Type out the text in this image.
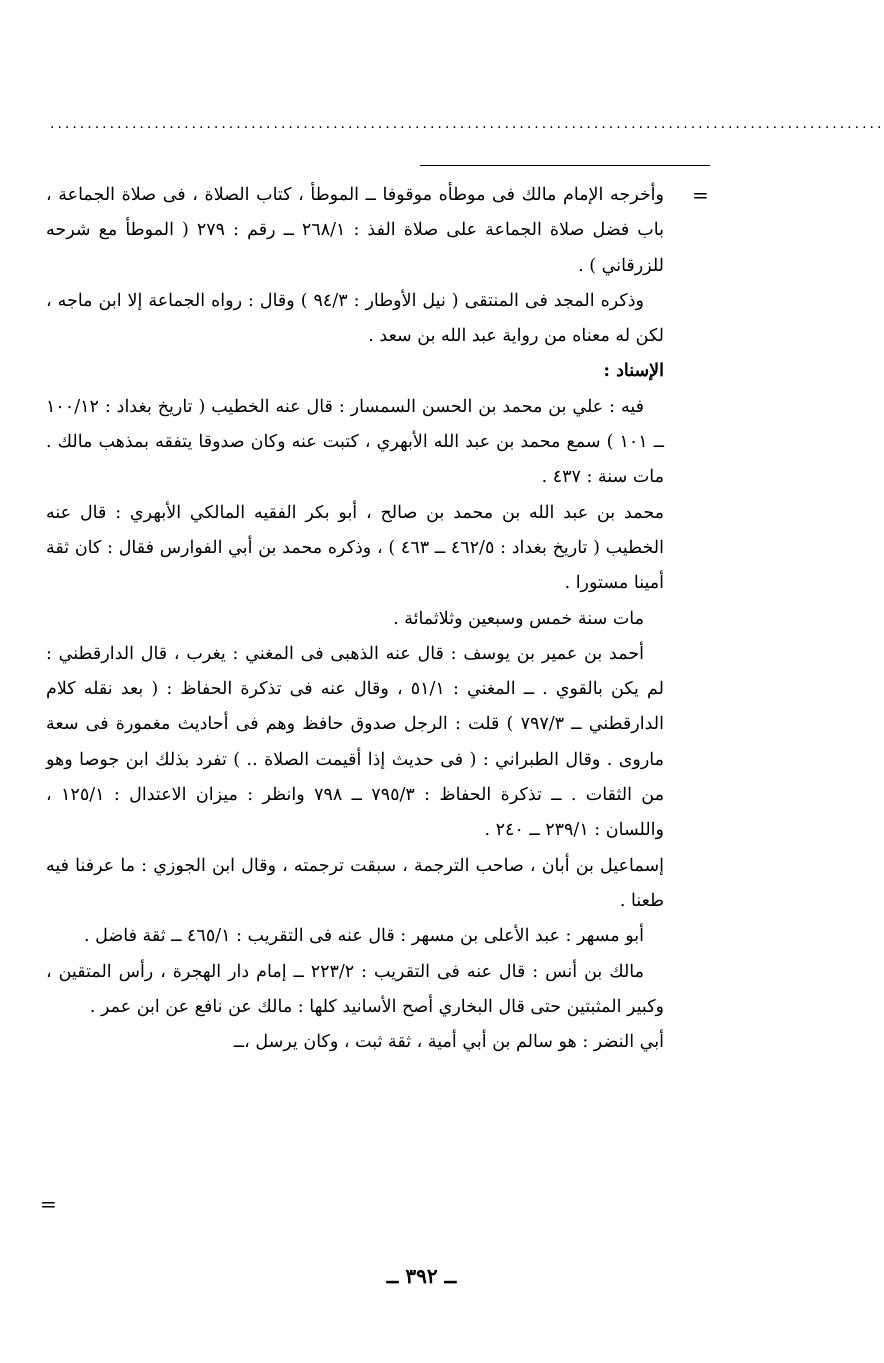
................................................................................................................
=

وأخرجه الإمام مالك فى موطأه موقوفا ــ الموطأ ، كتاب الصلاة ، فى صلاة الجماعة ، باب فضل صلاة الجماعة على صلاة الفذ : ٢٦٨/١ ــ رقم : ٢٧٩ ( الموطأ مع شرحه للزرقاني ) .

وذكره المجد فى المنتقى ( نيل الأوطار : ٩٤/٣ ) وقال : رواه الجماعة إلا ابن ماجه ، لكن له معناه من رواية عبد الله بن سعد .

الإسناد :

فيه : علي بن محمد بن الحسن السمسار : قال عنه الخطيب ( تاريخ بغداد : ١٠٠/١٢ ــ ١٠١ ) سمع محمد بن عبد الله الأبهري ، كتبت عنه وكان صدوقا يتفقه بمذهب مالك . مات سنة : ٤٣٧ .

محمد بن عبد الله بن محمد بن صالح ، أبو بكر الفقيه المالكي الأبهري : قال عنه الخطيب ( تاريخ بغداد : ٤٦٢/٥ ــ ٤٦٣ ) ، وذكره محمد بن أبي الفوارس فقال : كان ثقة أمينا مستورا .

مات سنة خمس وسبعين وثلاثمائة .

أحمد بن عمير بن يوسف : قال عنه الذهبى فى المغني : يغرب ، قال الدارقطني : لم يكن بالقوي . ــ المغني : ٥١/١ ، وقال عنه فى تذكرة الحفاظ : ( بعد نقله كلام الدارقطني ــ ٧٩٧/٣ ) قلت : الرجل صدوق حافظ وهم فى أحاديث مغمورة فى سعة ماروى . وقال الطبراني : ( فى حديث إذا أقيمت الصلاة .. ) تفرد بذلك ابن جوصا وهو من الثقات . ــ تذكرة الحفاظ : ٧٩٥/٣ ــ ٧٩٨ وانظر : ميزان الاعتدال : ١٢٥/١ ، واللسان : ٢٣٩/١ ــ ٢٤٠ .

إسماعيل بن أبان ، صاحب الترجمة ، سبقت ترجمته ، وقال ابن الجوزي : ما عرفنا فيه طعنا .

أبو مسهر : عبد الأعلى بن مسهر : قال عنه فى التقريب : ٤٦٥/١ ــ ثقة فاضل .

مالك بن أنس : قال عنه فى التقريب : ٢٢٣/٢ ــ إمام دار الهجرة ، رأس المتقين ، وكبير المثبتين حتى قال البخاري أصح الأسانيد كلها : مالك عن نافع عن ابن عمر .

أبي النضر : هو سالم بن أبي أمية ، ثقة ثبت ، وكان يرسل ،ــ

=
ــ ٣٩٢ ــ
